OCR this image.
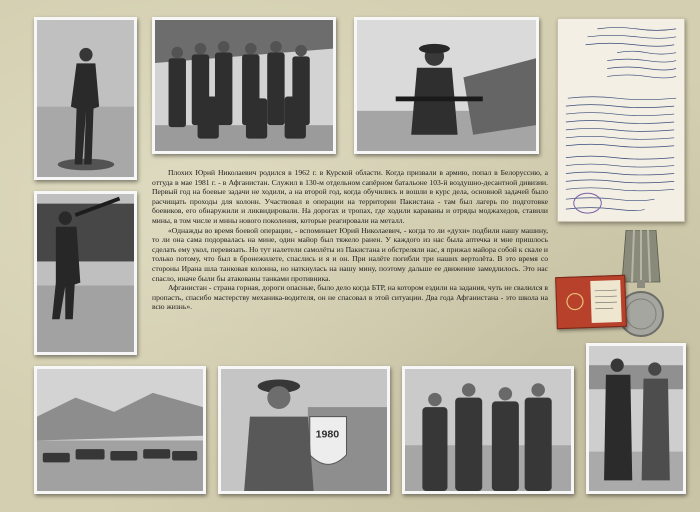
Плохих Юрий Николаевич родился в 1962 г. в Курской области. Когда призвали в армию, попал в Белоруссию, а оттуда в мае 1981 г. - в Афганистан. Служил в 130-м отдельном сапёрном батальоне 103-й воздушно-десантной дивизии. Первый год на боевые задачи не ходили, а на второй год, когда обучились и вошли в курс дела, основной задачей было расчищать проходы для колонн. Участвовал в операции на территории Пакистана - там был лагерь по подготовке боевиков, его обнаружили и ликвидировали. На дорогах и тропах, где ходили караваны и отряды моджахедов, ставили мины, в том числе и мины нового поколения, которые реагировали на металл.

«Однажды во время боевой операции, - вспоминает Юрий Николаевич, - когда то ли «духи» подбили нашу машину, то ли она сама подорвалась на мине, один майор был тяжело ранен. У каждого из нас была аптечка и мне пришлось сделать ему укол, перевязать. Но тут налетели самолёты из Пакистана и обстреляли нас, я прижал майора собой к скале и только потому, что был в бронежилете, спаслись и я и он. При налёте погибли три наших вертолёта. В это время со стороны Ирана шла танковая колонна, но наткнулась на нашу мину, поэтому дальше ее движение замедлилось. Это нас спасло, иначе были бы атакованы танками противника.

Афганистан - страна горная, дороги опасные, было дело когда БТР, на котором ездили на задания, чуть не свалился в пропасть, спасибо мастерству механика-водителя, он не спасовал в этой ситуации. Два года Афганистана - это школа на всю жизнь».

1980
